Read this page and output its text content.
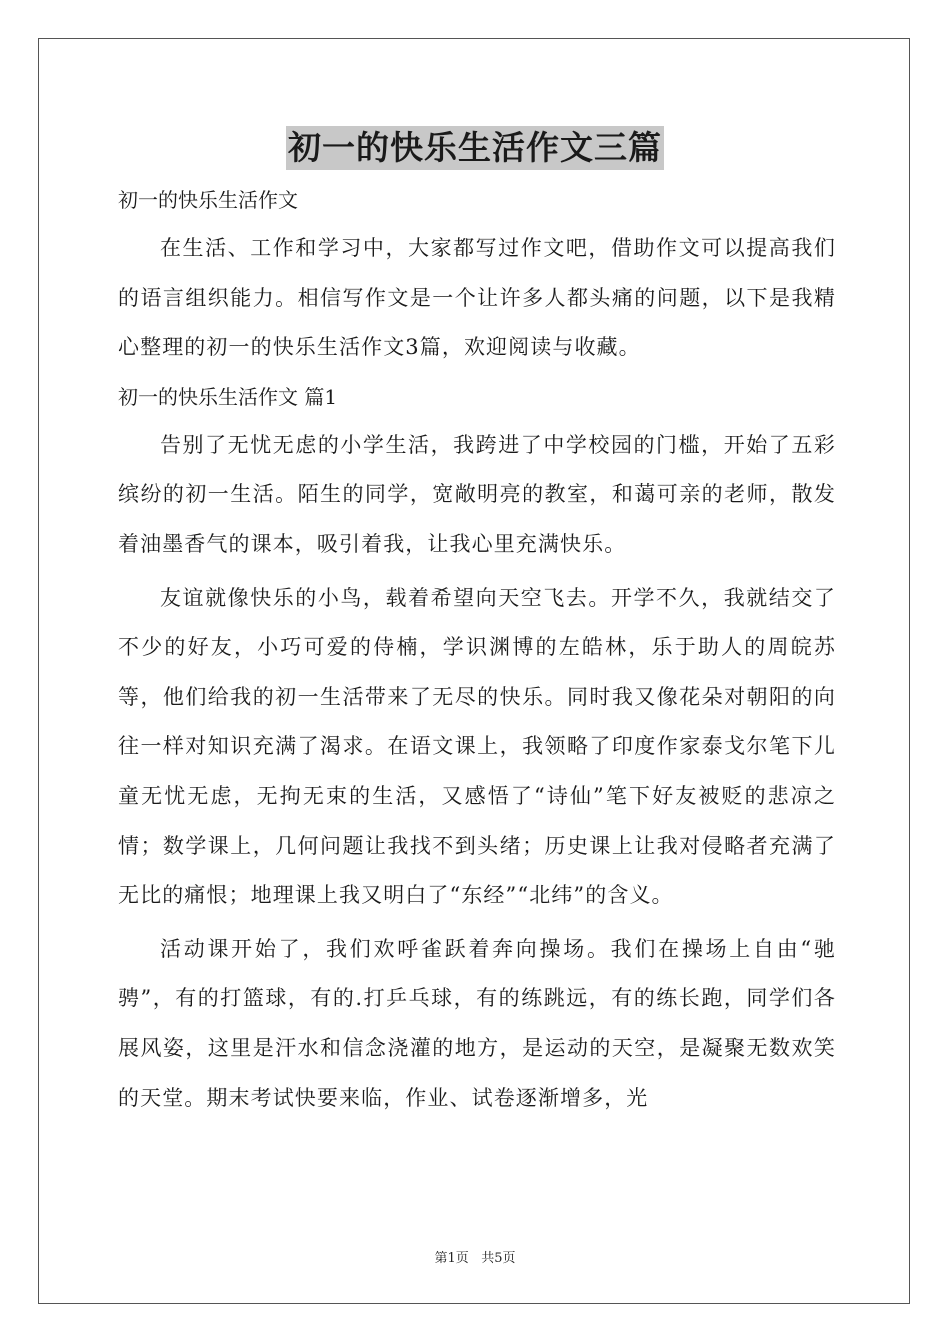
初一的快乐生活作文三篇

初一的快乐生活作文

在生活、工作和学习中，大家都写过作文吧，借助作文可以提高我们的语言组织能力。相信写作文是一个让许多人都头痛的问题，以下是我精心整理的初一的快乐生活作文3篇，欢迎阅读与收藏。

初一的快乐生活作文 篇1

告别了无忧无虑的小学生活，我跨进了中学校园的门槛，开始了五彩缤纷的初一生活。陌生的同学，宽敞明亮的教室，和蔼可亲的老师，散发着油墨香气的课本，吸引着我，让我心里充满快乐。

友谊就像快乐的小鸟，载着希望向天空飞去。开学不久，我就结交了不少的好友，小巧可爱的侍楠，学识渊博的左皓林，乐于助人的周皖苏等，他们给我的初一生活带来了无尽的快乐。同时我又像花朵对朝阳的向往一样对知识充满了渴求。在语文课上，我领略了印度作家泰戈尔笔下儿童无忧无虑，无拘无束的生活，又感悟了“诗仙”笔下好友被贬的悲凉之情；数学课上，几何问题让我找不到头绪；历史课上让我对侵略者充满了无比的痛恨；地理课上我又明白了“东经”“北纬”的含义。

活动课开始了，我们欢呼雀跃着奔向操场。我们在操场上自由“驰骋”，有的打篮球，有的.打乒乓球，有的练跳远，有的练长跑，同学们各展风姿，这里是汗水和信念浇灌的地方，是运动的天空，是凝聚无数欢笑的天堂。期末考试快要来临，作业、试卷逐渐增多，光

第1页 共5页
